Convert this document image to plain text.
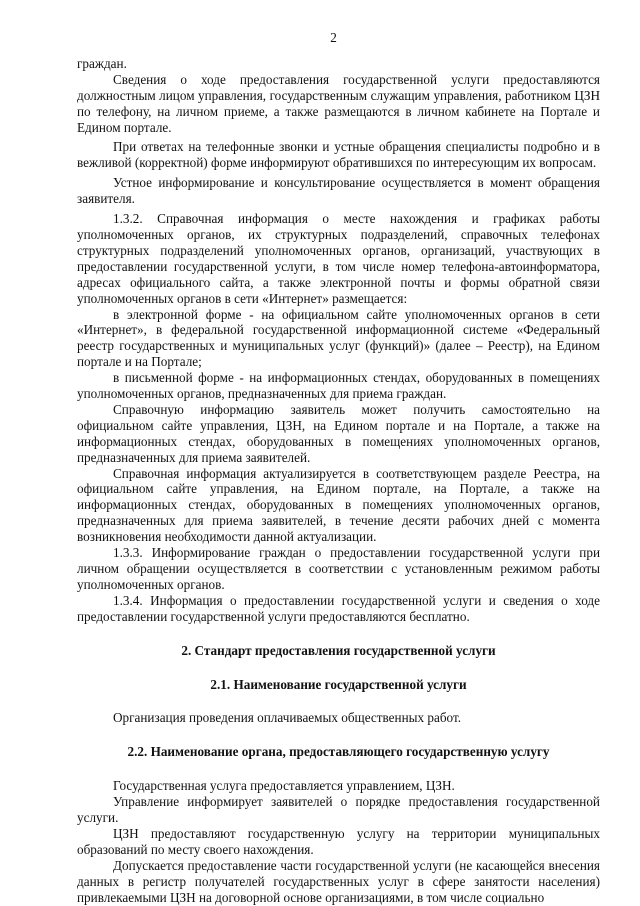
2

граждан.

Сведения о ходе предоставления государственной услуги предоставляются должностным лицом управления, государственным служащим управления, работником ЦЗН по телефону, на личном приеме, а также размещаются в личном кабинете на Портале и Едином портале.

При ответах на телефонные звонки и устные обращения специалисты подробно и в вежливой (корректной) форме информируют обратившихся по интересующим их вопросам.

Устное информирование и консультирование осуществляется в момент обращения заявителя.

1.3.2. Справочная информация о месте нахождения и графиках работы уполномоченных органов, их структурных подразделений, справочных телефонах структурных подразделений уполномоченных органов, организаций, участвующих в предоставлении государственной услуги, в том числе номер телефона-автоинформатора, адресах официального сайта, а также электронной почты и формы обратной связи уполномоченных органов в сети «Интернет» размещается:

в электронной форме - на официальном сайте уполномоченных органов в сети «Интернет», в федеральной государственной информационной системе «Федеральный реестр государственных и муниципальных услуг (функций)» (далее – Реестр), на Едином портале и на Портале;

в письменной форме - на информационных стендах, оборудованных в помещениях уполномоченных органов, предназначенных для приема граждан.

Справочную информацию заявитель может получить самостоятельно на официальном сайте управления, ЦЗН, на Едином портале и на Портале, а также на информационных стендах, оборудованных в помещениях уполномоченных органов, предназначенных для приема заявителей.

Справочная информация актуализируется в соответствующем разделе Реестра, на официальном сайте управления, на Едином портале, на Портале, а также на информационных стендах, оборудованных в помещениях уполномоченных органов, предназначенных для приема заявителей, в течение десяти рабочих дней с момента возникновения необходимости данной актуализации.

1.3.3. Информирование граждан о предоставлении государственной услуги при личном обращении осуществляется в соответствии с установленным режимом работы уполномоченных органов.

1.3.4. Информация о предоставлении государственной услуги и сведения о ходе предоставлении государственной услуги предоставляются бесплатно.

2. Стандарт предоставления государственной услуги
2.1. Наименование государственной услуги

Организация проведения оплачиваемых общественных работ.

2.2. Наименование органа, предоставляющего государственную услугу

Государственная услуга предоставляется управлением, ЦЗН.

Управление информирует заявителей о порядке предоставления государственной услуги.

ЦЗН предоставляют государственную услугу на территории муниципальных образований по месту своего нахождения.

Допускается предоставление части государственной услуги (не касающейся внесения данных в регистр получателей государственных услуг в сфере занятости населения) привлекаемыми ЦЗН на договорной основе организациями, в том числе социально
